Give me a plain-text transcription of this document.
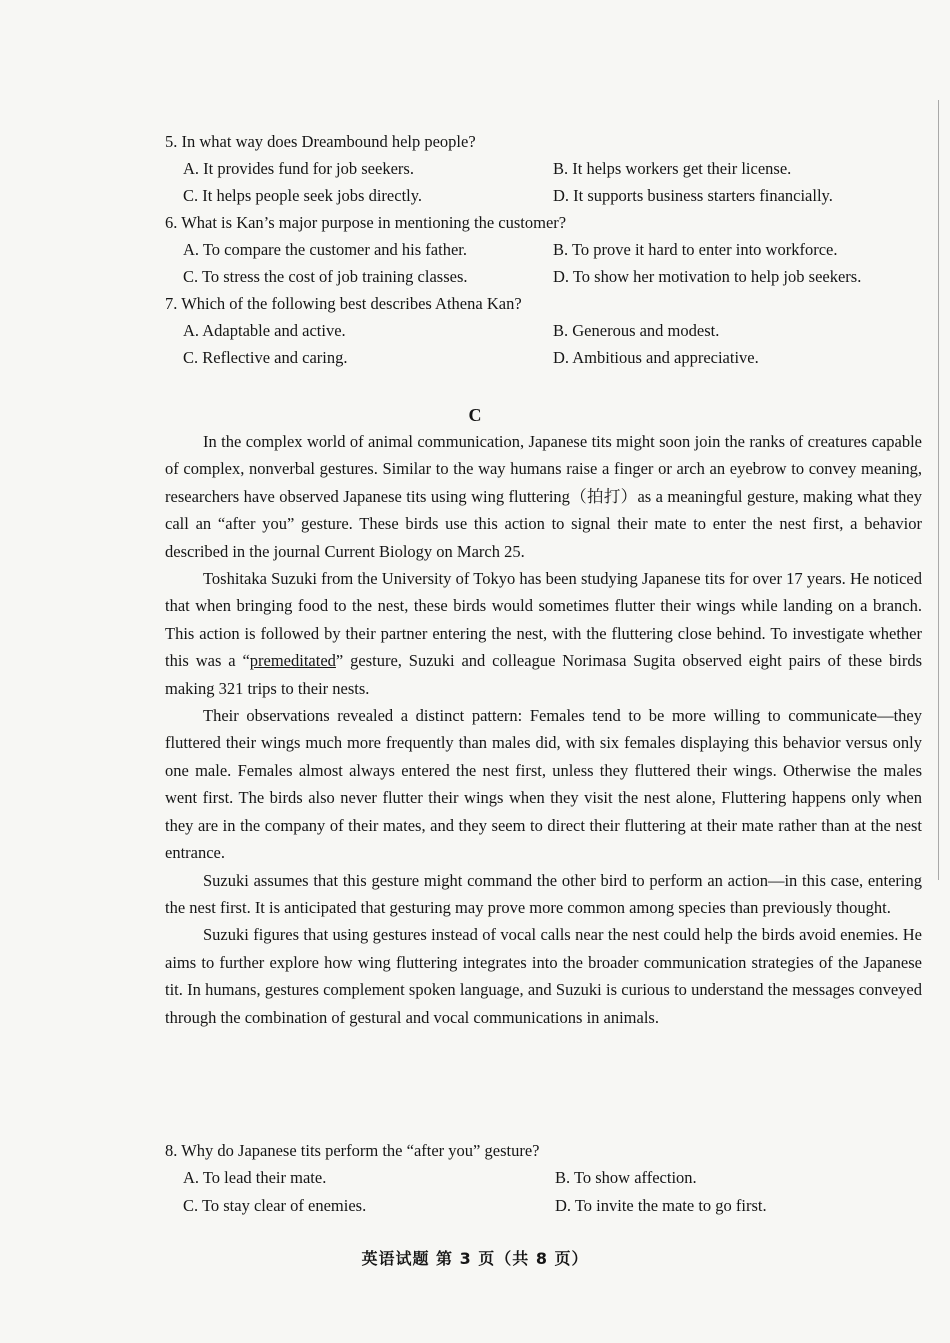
5. In what way does Dreambound help people?
A. It provides fund for job seekers.	B. It helps workers get their license.
C. It helps people seek jobs directly.	D. It supports business starters financially.
6. What is Kan’s major purpose in mentioning the customer?
A. To compare the customer and his father.	B. To prove it hard to enter into workforce.
C. To stress the cost of job training classes.	D. To show her motivation to help job seekers.
7. Which of the following best describes Athena Kan?
A. Adaptable and active.	B. Generous and modest.
C. Reflective and caring.	D. Ambitious and appreciative.
C

In the complex world of animal communication, Japanese tits might soon join the ranks of creatures capable of complex, nonverbal gestures. Similar to the way humans raise a finger or arch an eyebrow to convey meaning, researchers have observed Japanese tits using wing fluttering（拍打）as a meaningful gesture, making what they call an “after you” gesture. These birds use this action to signal their mate to enter the nest first, a behavior described in the journal Current Biology on March 25.

Toshitaka Suzuki from the University of Tokyo has been studying Japanese tits for over 17 years. He noticed that when bringing food to the nest, these birds would sometimes flutter their wings while landing on a branch. This action is followed by their partner entering the nest, with the fluttering close behind. To investigate whether this was a “premeditated” gesture, Suzuki and colleague Norimasa Sugita observed eight pairs of these birds making 321 trips to their nests.

Their observations revealed a distinct pattern: Females tend to be more willing to communicate—they fluttered their wings much more frequently than males did, with six females displaying this behavior versus only one male. Females almost always entered the nest first, unless they fluttered their wings. Otherwise the males went first. The birds also never flutter their wings when they visit the nest alone, Fluttering happens only when they are in the company of their mates, and they seem to direct their fluttering at their mate rather than at the nest entrance.

Suzuki assumes that this gesture might command the other bird to perform an action—in this case, entering the nest first. It is anticipated that gesturing may prove more common among species than previously thought.

Suzuki figures that using gestures instead of vocal calls near the nest could help the birds avoid enemies. He aims to further explore how wing fluttering integrates into the broader communication strategies of the Japanese tit. In humans, gestures complement spoken language, and Suzuki is curious to understand the messages conveyed through the combination of gestural and vocal communications in animals.

8. Why do Japanese tits perform the “after you” gesture?
A. To lead their mate.	B. To show affection.
C. To stay clear of enemies.	D. To invite the mate to go first.
英语试题 第 3 页（共 8 页）
